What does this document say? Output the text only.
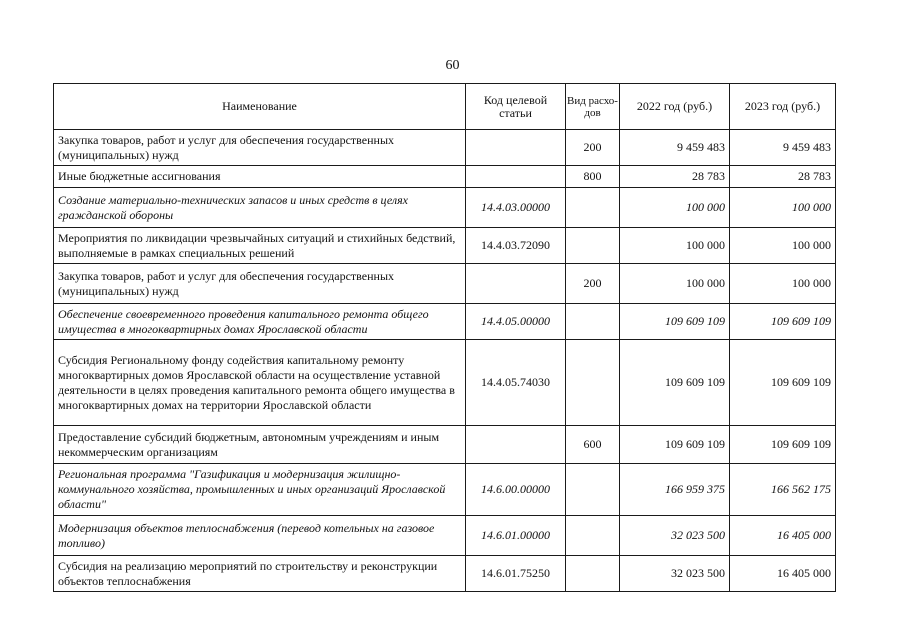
60
Наименование	Код целевой статьи	Вид расхо-дов	2022 год (руб.)	2023 год (руб.)
Закупка товаров, работ и услуг для обеспечения государственных (муниципальных) нужд		200	9 459 483	9 459 483
Иные бюджетные ассигнования		800	28 783	28 783
Создание материально-технических запасов и иных средств в целях гражданской обороны	14.4.03.00000		100 000	100 000
Мероприятия по ликвидации чрезвычайных ситуаций и стихийных бедствий, выполняемые в рамках специальных решений	14.4.03.72090		100 000	100 000
Закупка товаров, работ и услуг для обеспечения государственных (муниципальных) нужд		200	100 000	100 000
Обеспечение своевременного проведения капитального ремонта общего имущества в многоквартирных домах Ярославской области	14.4.05.00000		109 609 109	109 609 109
Субсидия Региональному фонду содействия капитальному ремонту многоквартирных домов Ярославской области на осуществление уставной деятельности в целях проведения капитального ремонта общего имущества в многоквартирных домах на территории Ярославской области	14.4.05.74030		109 609 109	109 609 109
Предоставление субсидий бюджетным, автономным учреждениям и иным некоммерческим организациям		600	109 609 109	109 609 109
Региональная программа "Газификация и модернизация жилищно-коммунального хозяйства, промышленных и иных организаций Ярославской области"	14.6.00.00000		166 959 375	166 562 175
Модернизация объектов теплоснабжения (перевод котельных на газовое топливо)	14.6.01.00000		32 023 500	16 405 000
Субсидия на реализацию мероприятий по строительству и реконструкции объектов теплоснабжения	14.6.01.75250		32 023 500	16 405 000
